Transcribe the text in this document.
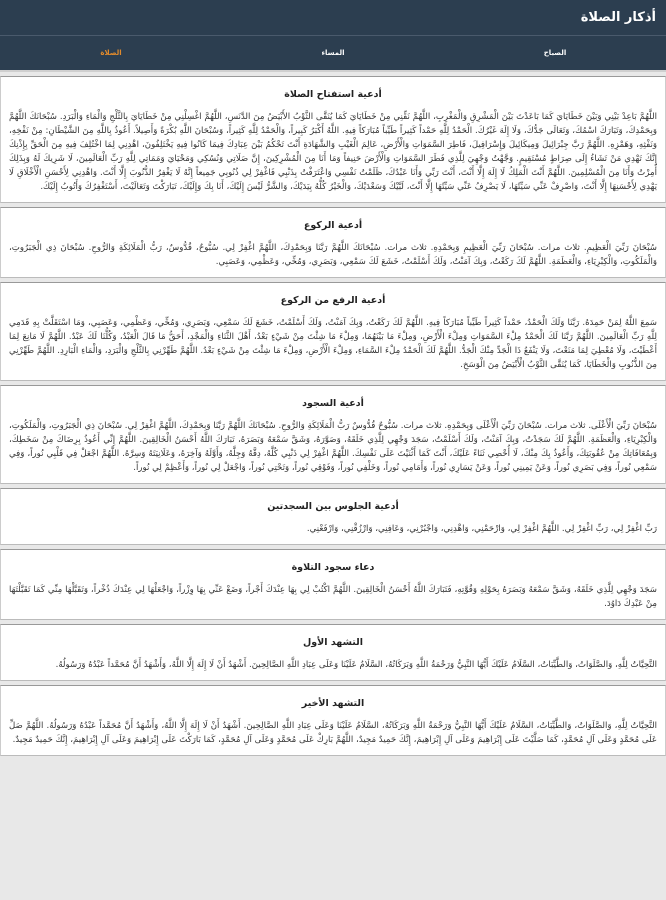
أذكار الصلاة
الصباح
المساء
الصلاة
أدعية استفتاح الصلاة

اللَّهُمَّ بَاعِدْ بَيْنِي وَبَيْنَ خَطَايَايَ كَمَا بَاعَدْتَ بَيْنَ الْمَشْرِقِ وَالْمَغْرِبِ، اللَّهُمَّ نَقِّنِي مِنْ خَطَايَايَ كَمَا يُنَقَّى الثَّوْبُ الأَبْيَضُ مِنَ الدَّنَسِ، اللَّهُمَّ اغْسِلْنِي مِنْ خَطَايَايَ بِالثَّلْجِ وَالْمَاءِ وَالْبَرَدِ. سُبْحَانَكَ اللَّهُمَّ وَبِحَمْدِكَ، وَتَبَارَكَ اسْمُكَ، وَتَعَالَى جَدُّكَ، وَلَا إِلَهَ غَيْرُكَ. الْحَمْدُ لِلَّهِ حَمْداً كَثِيراً طَيِّباً مُبَارَكاً فِيهِ. اللَّهُ أَكْبَرُ كَبِيراً، وَالْحَمْدُ لِلَّهِ كَثِيراً، وَسُبْحَانَ اللَّهِ بُكْرَةً وَأَصِيلاً. أَعُوذُ بِاللَّهِ مِنَ الشَّيْطَانِ: مِنْ نَفْخِهِ، وَنَفْثِهِ، وَهَمْزِهِ. اللَّهُمَّ رَبَّ جِبْرَائِيلَ وَمِيكَائِيلَ وَإِسْرَافِيلَ، فَاطِرَ السَّمَوَاتِ وَالْأَرْضِ، عَالِمَ الْغَيْبِ وَالشَّهَادَةِ أَنْتَ تَحْكُمُ بَيْنَ عِبَادِكَ فِيمَا كَانُوا فِيهِ يَخْتَلِفُونَ، اهْدِنِي لِمَا اخْتُلِفَ فِيهِ مِنَ الْحَقِّ بِإِذْنِكَ إِنَّكَ تَهْدِي مَنْ تَشَاءُ إِلَى صِرَاطٍ مُسْتَقِيمٍ. وَجَّهْتُ وَجْهِيَ لِلَّذِي فَطَرَ السَّمَوَاتِ وَالْأَرْضَ حَنِيفاً وَمَا أَنَا مِنَ الْمُشْرِكِينَ، إِنَّ صَلَاتِي وَنُسُكِي وَمَحْيَايَ وَمَمَاتِي لِلَّهِ رَبِّ الْعَالَمِينَ، لَا شَرِيكَ لَهُ وَبِذَلِكَ أُمِرْتُ وَأَنَا مِنَ الْمُسْلِمِينَ. اللَّهُمَّ أَنْتَ الْمَلِكُ لَا إِلَهَ إِلَّا أَنْتَ، أَنْتَ رَبِّي وَأَنَا عَبْدُكَ، ظَلَمْتُ نَفْسِي وَاعْتَرَفْتُ بِذَنْبِي فَاغْفِرْ لِي ذُنُوبِي جَمِيعاً إِنَّهُ لَا يَغْفِرُ الذُّنُوبَ إِلَّا أَنْتَ. وَاهْدِنِي لِأَحْسَنِ الْأَخْلَاقِ لَا يَهْدِي لِأَحْسَنِهَا إِلَّا أَنْتَ، وَاصْرِفْ عَنِّي سَيِّئَهَا، لَا يَصْرِفُ عَنِّي سَيِّئَهَا إِلَّا أَنْتَ، لَبَّيْكَ وَسَعْدَيْكَ، وَالْخَيْرُ كُلُّهُ بِيَدَيْكَ، وَالشَّرُّ لَيْسَ إِلَيْكَ، أَنَا بِكَ وَإِلَيْكَ، تَبَارَكْتَ وَتَعَالَيْتَ، أَسْتَغْفِرُكَ وَأَتُوبُ إِلَيْكَ.

أدعية الركوع

سُبْحَانَ رَبِّيَ الْعَظِيمِ. ثلاث مرات. سُبْحَانَ رَبِّيَ الْعَظِيمِ وَبِحَمْدِهِ. ثلاث مرات. سُبْحَانَكَ اللَّهُمَّ رَبَّنَا وَبِحَمْدِكَ، اللَّهُمَّ اغْفِرْ لِي. سُبُّوحٌ، قُدُّوسٌ، رَبُّ الْمَلَائِكَةِ وَالرُّوحِ. سُبْحَانَ ذِي الْجَبَرُوتِ، وَالْمَلَكُوتِ، وَالْكِبْرِيَاءِ، وَالْعَظَمَةِ. اللَّهُمَّ لَكَ رَكَعْتُ، وَبِكَ آمَنْتُ، وَلَكَ أَسْلَمْتُ، خَشَعَ لَكَ سَمْعِي، وَبَصَرِي، وَمُخِّي، وَعَظْمِي، وَعَصَبِي.

أدعية الرفع من الركوع

سَمِعَ اللَّهُ لِمَنْ حَمِدَهُ. رَبَّنَا وَلَكَ الْحَمْدُ، حَمْداً كَثِيراً طَيِّباً مُبَارَكاً فِيهِ. اللَّهُمَّ لَكَ رَكَعْتُ، وَبِكَ آمَنْتُ، وَلَكَ أَسْلَمْتُ، خَشَعَ لَكَ سَمْعِي، وَبَصَرِي، وَمُخِّي، وَعَظْمِي، وَعَصَبِي، وَمَا اسْتَقَلَّتْ بِهِ قَدَمِي لِلَّهِ رَبِّ الْعَالَمِينَ. اللَّهُمَّ رَبَّنَا لَكَ الْحَمْدُ مِلْءَ السَّمَوَاتِ وَمِلْءَ الْأَرْضِ، وَمِلْءَ مَا بَيْنَهُمَا، وَمِلْءَ مَا شِئْتَ مِنْ شَيْءٍ بَعْدُ، أَهْلَ الثَّنَاءِ وَالْمَجْدِ، أَحَقُّ مَا قَالَ الْعَبْدُ، وَكُلُّنَا لَكَ عَبْدٌ. اللَّهُمَّ لَا مَانِعَ لِمَا أَعْطَيْتَ، وَلَا مُعْطِيَ لِمَا مَنَعْتَ، وَلَا يَنْفَعُ ذَا الْجَدِّ مِنْكَ الْجَدُّ. اللَّهُمَّ لَكَ الْحَمْدُ مِلْءَ السَّمَاءِ، وَمِلْءَ الْأَرْضِ، وَمِلْءَ مَا شِئْتَ مِنْ شَيْءٍ بَعْدُ. اللَّهُمَّ طَهِّرْنِي بِالثَّلْجِ وَالْبَرَدِ، وَالْمَاءِ الْبَارِدِ. اللَّهُمَّ طَهِّرْنِي مِنَ الذُّنُوبِ وَالْخَطَايَا، كَمَا يُنَقَّى الثَّوْبُ الْأَبْيَضُ مِنَ الْوَسَخِ.

أدعية السجود

سُبْحَانَ رَبِّيَ الْأَعْلَى. ثلاث مرات. سُبْحَانَ رَبِّيَ الْأَعْلَى وَبِحَمْدِهِ. ثلاث مرات. سُبُّوحٌ قُدُّوسٌ رَبُّ الْمَلَائِكَةِ وَالرُّوحِ. سُبْحَانَكَ اللَّهُمَّ رَبَّنَا وَبِحَمْدِكَ، اللَّهُمَّ اغْفِرْ لِي. سُبْحَانَ ذِي الْجَبَرُوتِ، وَالْمَلَكُوتِ، وَالْكِبْرِيَاءِ، وَالْعَظَمَةِ. اللَّهُمَّ لَكَ سَجَدْتُ، وَبِكَ آمَنْتُ، وَلَكَ أَسْلَمْتُ، سَجَدَ وَجْهِي لِلَّذِي خَلَقَهُ، وَصَوَّرَهُ، وَشَقَّ سَمْعَهُ وَبَصَرَهُ، تَبَارَكَ اللَّهُ أَحْسَنُ الْخَالِقِينَ. اللَّهُمَّ إِنِّي أَعُوذُ بِرِضَاكَ مِنْ سَخَطِكَ، وَبِمُعَافَاتِكَ مِنْ عُقُوبَتِكَ، وَأَعُوذُ بِكَ مِنْكَ، لَا أُحْصِي ثَنَاءً عَلَيْكَ، أَنْتَ كَمَا أَثْنَيْتَ عَلَى نَفْسِكَ. اللَّهُمَّ اغْفِرْ لِي ذَنْبِي كُلَّهُ، دِقَّهُ وَجِلَّهُ، وَأَوَّلَهُ وَآخِرَهُ، وَعَلَانِيَتَهُ وَسِرَّهُ. اللَّهُمَّ اجْعَلْ فِي قَلْبِي نُوراً، وَفِي سَمْعِي نُوراً، وَفِي بَصَرِي نُوراً، وَعَنْ يَمِينِي نُوراً، وَعَنْ يَسَارِي نُوراً، وَأَمَامِي نُوراً، وَخَلْفِي نُوراً، وَفَوْقِي نُوراً، وَتَحْتِي نُوراً، وَاجْعَلْ لِي نُوراً، وَأَعْظِمْ لِي نُوراً.

أدعية الجلوس بين السجدتين

رَبِّ اغْفِرْ لِي، رَبِّ اغْفِرْ لِي. اللَّهُمَّ اغْفِرْ لِي، وَارْحَمْنِي، وَاهْدِنِي، وَاجْبُرْنِي، وَعَافِنِي، وَارْزُقْنِي، وَارْفَعْنِي.

دعاء سجود التلاوة

سَجَدَ وَجْهِي لِلَّذِي خَلَقَهُ، وَشَقَّ سَمْعَهُ وَبَصَرَهُ بِحَوْلِهِ وَقُوَّتِهِ، فَتَبَارَكَ اللَّهُ أَحْسَنُ الْخَالِقِينَ. اللَّهُمَّ اكْتُبْ لِي بِهَا عِنْدَكَ أَجْراً، وَضَعْ عَنِّي بِهَا وِزْراً، وَاجْعَلْهَا لِي عِنْدَكَ ذُخْراً، وَتَقَبَّلْهَا مِنِّي كَمَا تَقَبَّلْتَهَا مِنْ عَبْدِكَ دَاوُدَ.

التشهد الأول

التَّحِيَّاتُ لِلَّهِ، وَالصَّلَوَاتُ، وَالطَّيِّبَاتُ، السَّلَامُ عَلَيْكَ أَيُّهَا النَّبِيُّ وَرَحْمَةُ اللَّهِ وَبَرَكَاتُهُ، السَّلَامُ عَلَيْنَا وَعَلَى عِبَادِ اللَّهِ الصَّالِحِينَ. أَشْهَدُ أَنْ لَا إِلَهَ إِلَّا اللَّهُ، وَأَشْهَدُ أَنَّ مُحَمَّداً عَبْدُهُ وَرَسُولُهُ.

التشهد الأخير

التَّحِيَّاتُ لِلَّهِ، وَالصَّلَوَاتُ، وَالطَّيِّبَاتُ، السَّلَامُ عَلَيْكَ أَيُّهَا النَّبِيُّ وَرَحْمَةُ اللَّهِ وَبَرَكَاتُهُ، السَّلَامُ عَلَيْنَا وَعَلَى عِبَادِ اللَّهِ الصَّالِحِينَ. أَشْهَدُ أَنْ لَا إِلَهَ إِلَّا اللَّهُ، وَأَشْهَدُ أَنَّ مُحَمَّداً عَبْدُهُ وَرَسُولُهُ. اللَّهُمَّ صَلِّ عَلَى مُحَمَّدٍ وَعَلَى آلِ مُحَمَّدٍ، كَمَا صَلَّيْتَ عَلَى إِبْرَاهِيمَ وَعَلَى آلِ إِبْرَاهِيمَ، إِنَّكَ حَمِيدٌ مَجِيدٌ، اللَّهُمَّ بَارِكْ عَلَى مُحَمَّدٍ وَعَلَى آلِ مُحَمَّدٍ، كَمَا بَارَكْتَ عَلَى إِبْرَاهِيمَ وَعَلَى آلِ إِبْرَاهِيمَ، إِنَّكَ حَمِيدٌ مَجِيدٌ.
